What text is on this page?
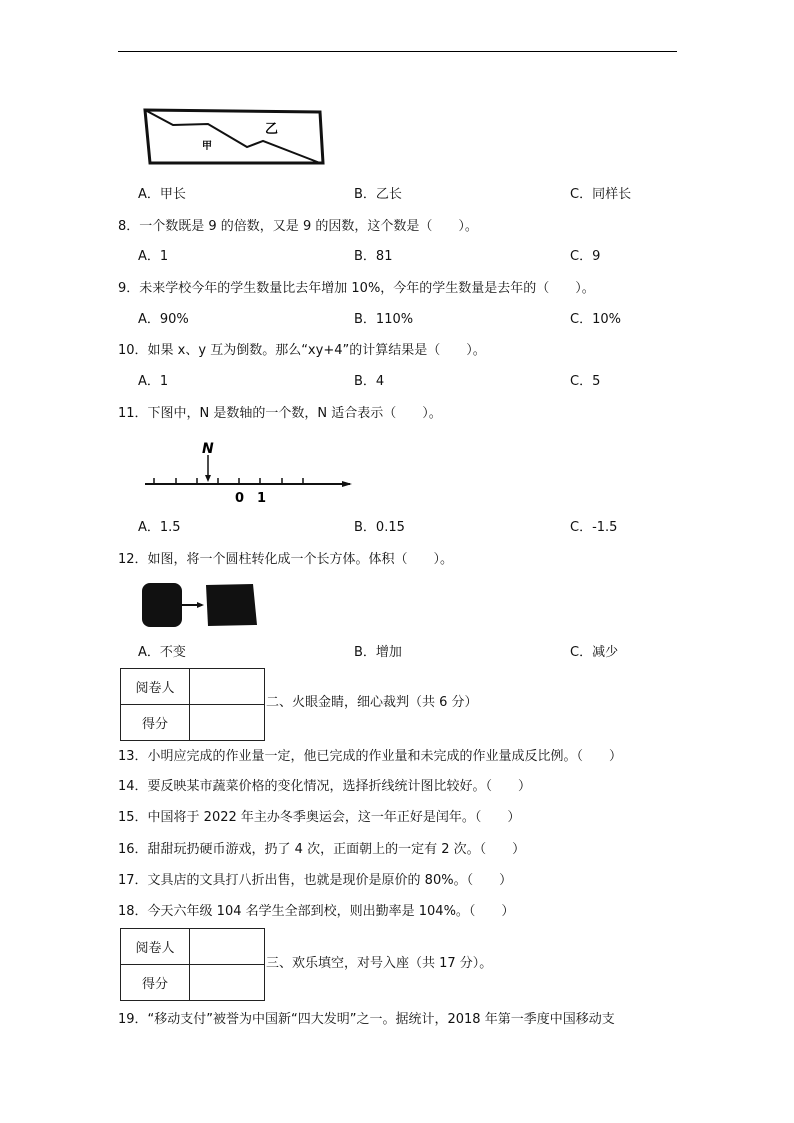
乙
甲
A．甲长	B．乙长	C．同样长
8．一个数既是 9 的倍数，又是 9 的因数，这个数是（　　）。
A．1	B．81	C．9
9．未来学校今年的学生数量比去年增加 10%，今年的学生数量是去年的（　　）。
A．90%	B．110%	C．10%
10．如果 x、y 互为倒数。那么“xy+4”的计算结果是（　　）。
A．1	B．4	C．5
11．下图中，N 是数轴的一个数，N 适合表示（　　）。
N
0 1
A．1.5	B．0.15	C．-1.5
12．如图，将一个圆柱转化成一个长方体。体积（　　）。
A．不变	B．增加	C．减少
阅卷人	
得分	
二、火眼金睛，细心裁判（共 6 分）
13．小明应完成的作业量一定，他已完成的作业量和未完成的作业量成反比例。（　　）
14．要反映某市蔬菜价格的变化情况，选择折线统计图比较好。（　　）
15．中国将于 2022 年主办冬季奥运会，这一年正好是闰年。（　　）
16．甜甜玩扔硬币游戏，扔了 4 次，正面朝上的一定有 2 次。（　　）
17．文具店的文具打八折出售，也就是现价是原价的 80%。（　　）
18．今天六年级 104 名学生全部到校，则出勤率是 104%。（　　）
阅卷人	
得分	
三、欢乐填空，对号入座（共 17 分）。
19．“移动支付”被誉为中国新“四大发明”之一。据统计，2018 年第一季度中国移动支
